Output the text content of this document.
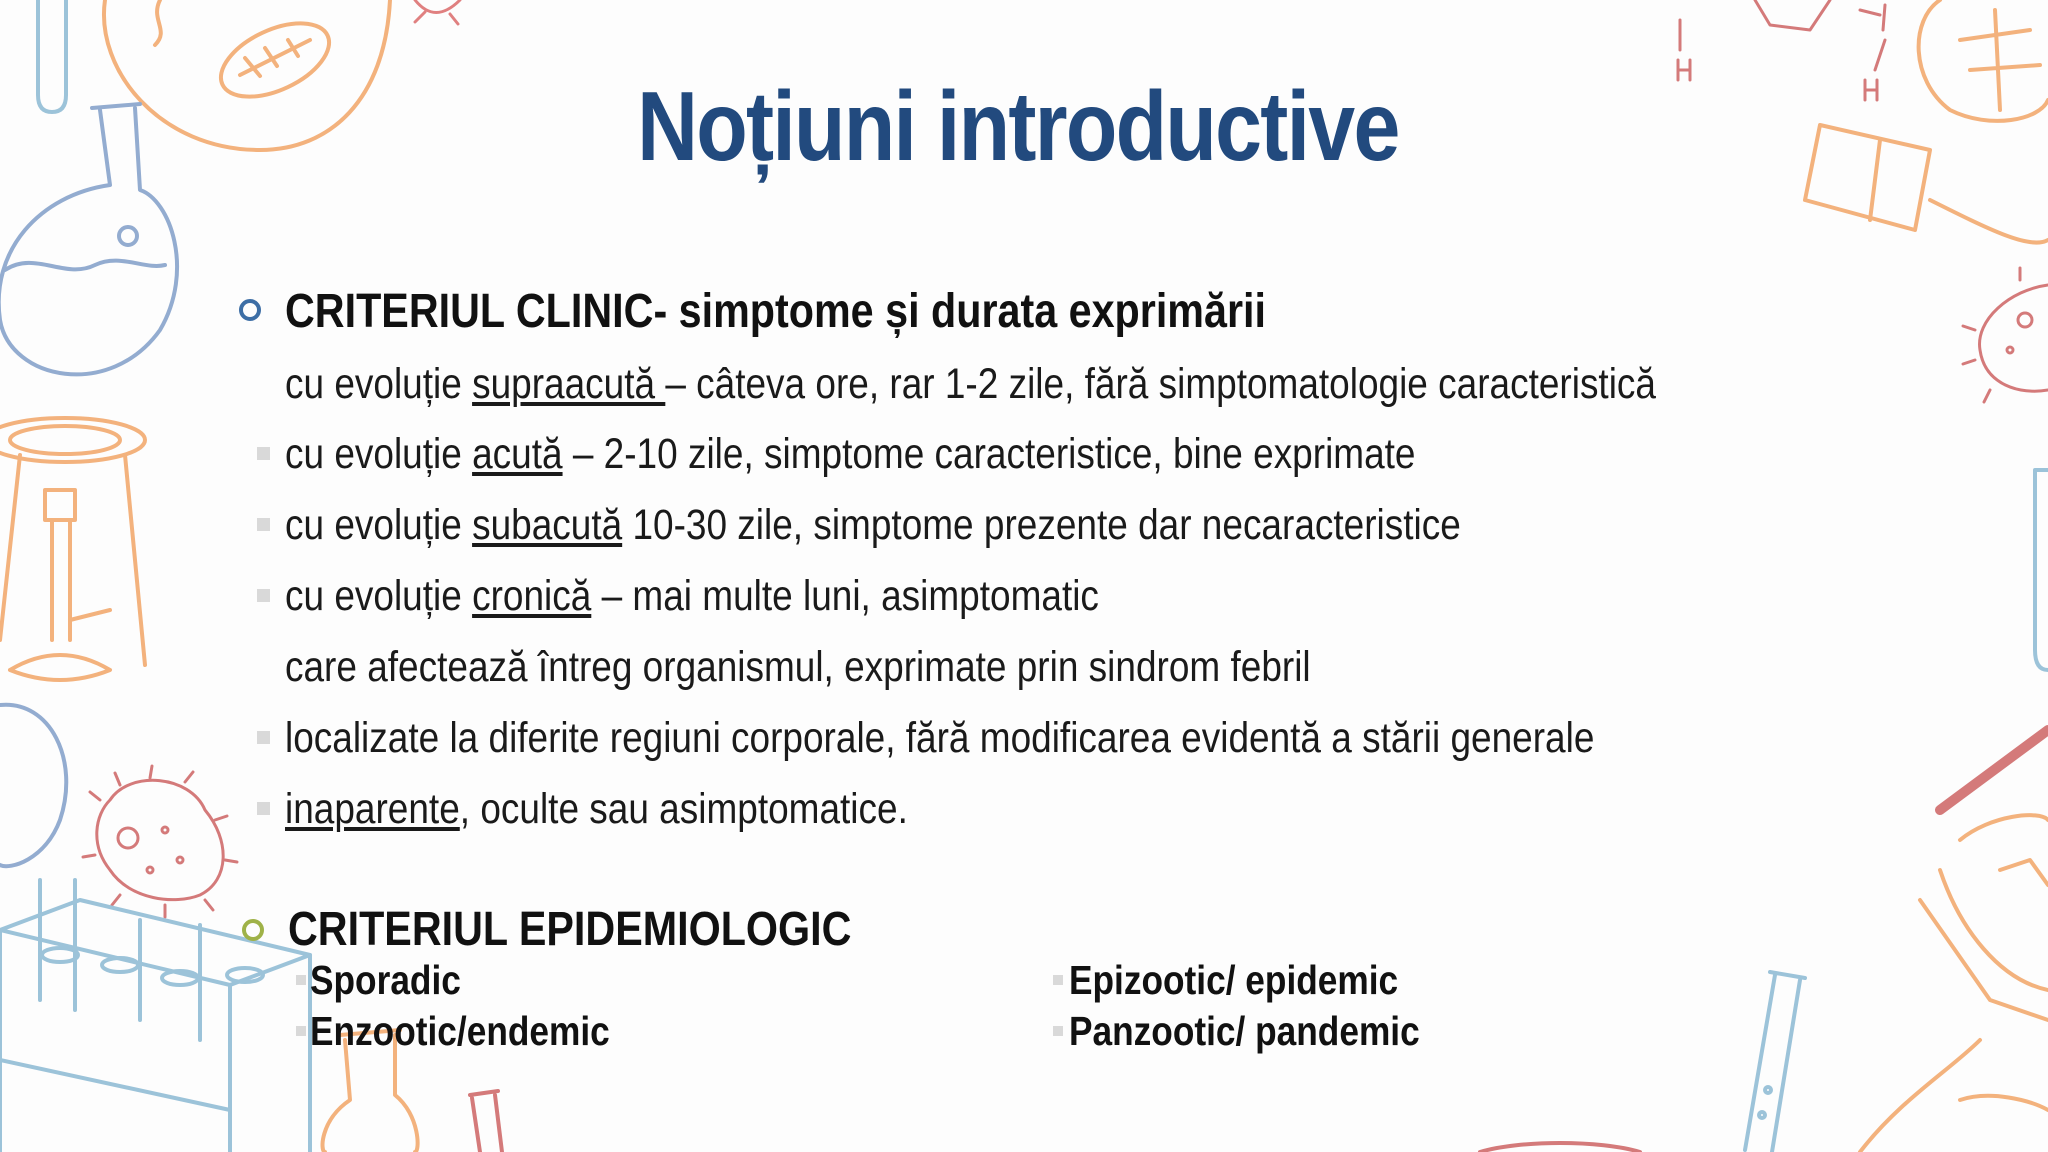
Noțiuni introductive
CRITERIUL CLINIC- simptome și durata exprimării
cu evoluție supraacută – câteva ore, rar 1-2 zile, fără simptomatologie caracteristică
cu evoluție acută – 2-10 zile, simptome caracteristice, bine exprimate
cu evoluție subacută 10-30 zile, simptome prezente dar necaracteristice
cu evoluție cronică – mai multe luni, asimptomatic
care afectează întreg organismul, exprimate prin sindrom febril
localizate la diferite regiuni corporale, fără modificarea evidentă a stării generale
inaparente, oculte sau asimptomatice.
CRITERIUL EPIDEMIOLOGIC
Sporadic
Enzootic/endemic
Epizootic/ epidemic
Panzootic/ pandemic
